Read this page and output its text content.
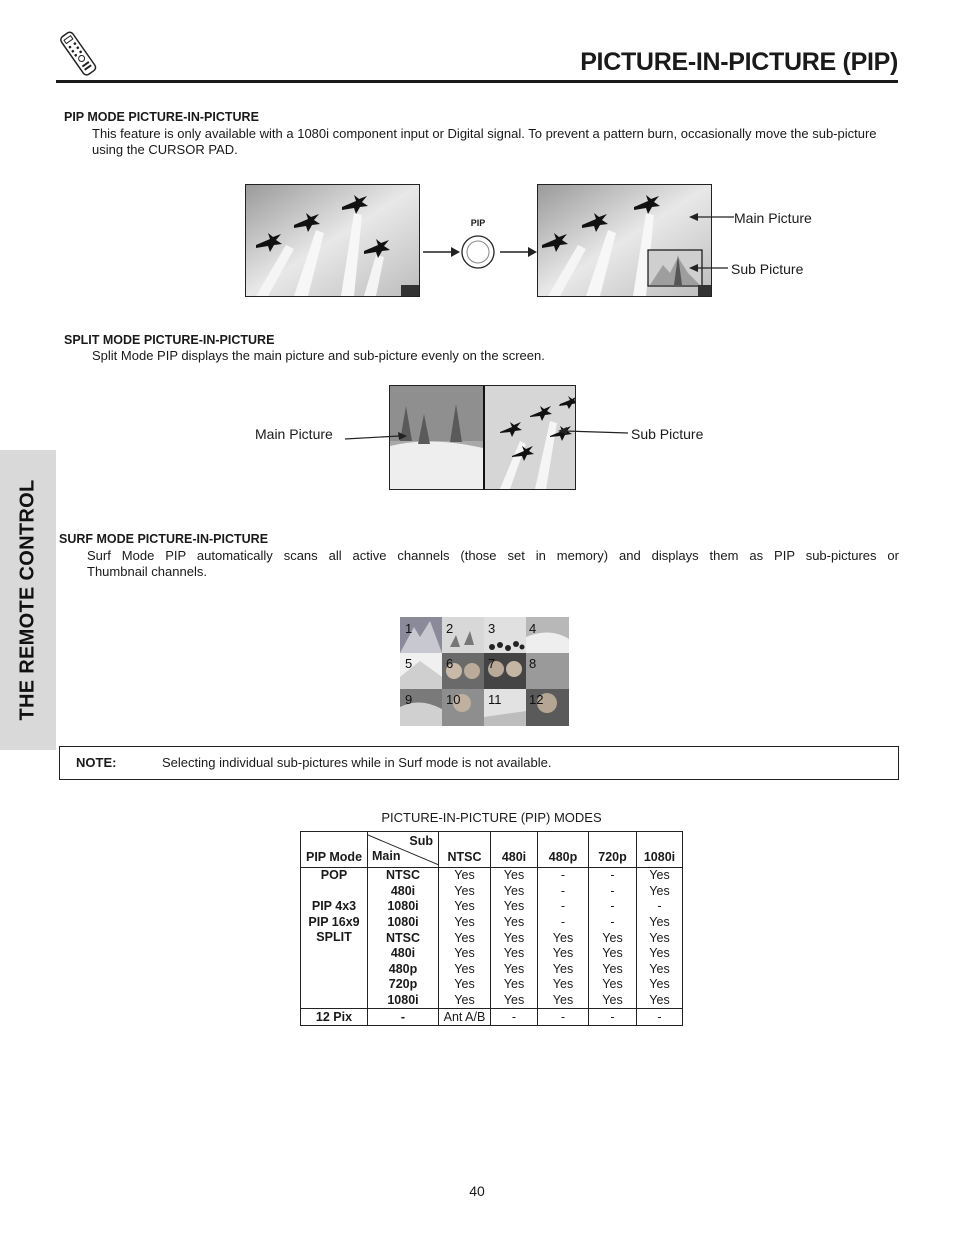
PICTURE-IN-PICTURE (PIP)
THE REMOTE CONTROL
PIP MODE PICTURE-IN-PICTURE
This feature is only available with a 1080i component input or Digital signal. To prevent a pattern burn, occasionally move the sub-picture using the CURSOR PAD.
PIP	Main Picture
Sub Picture
SPLIT MODE PICTURE-IN-PICTURE
Split Mode PIP displays the main picture and sub-picture evenly on the screen.
Main Picture	Sub Picture
SURF MODE PICTURE-IN-PICTURE
Surf Mode PIP automatically scans all active channels (those set in memory) and displays them as PIP sub-pictures or
Thumbnail channels.
1	2	3	4
5	6	7	8
9	10 11 12
NOTE:	Selecting individual sub-pictures while in Surf mode is not available.
PICTURE-IN-PICTURE (PIP) MODES
PIP Mode	Sub
Main	NTSC	480i	480p	720p	1080i
POP	NTSC	Yes	Yes	-	-	Yes
	480i	Yes	Yes	-	-	Yes
PIP 4x3	1080i	Yes	Yes	-	-	-
PIP 16x9	1080i	Yes	Yes	-	-	Yes
SPLIT	NTSC	Yes	Yes	Yes	Yes	Yes
	480i	Yes	Yes	Yes	Yes	Yes
	480p	Yes	Yes	Yes	Yes	Yes
	720p	Yes	Yes	Yes	Yes	Yes
	1080i	Yes	Yes	Yes	Yes	Yes
12 Pix	-	Ant A/B	-	-	-	-
40
